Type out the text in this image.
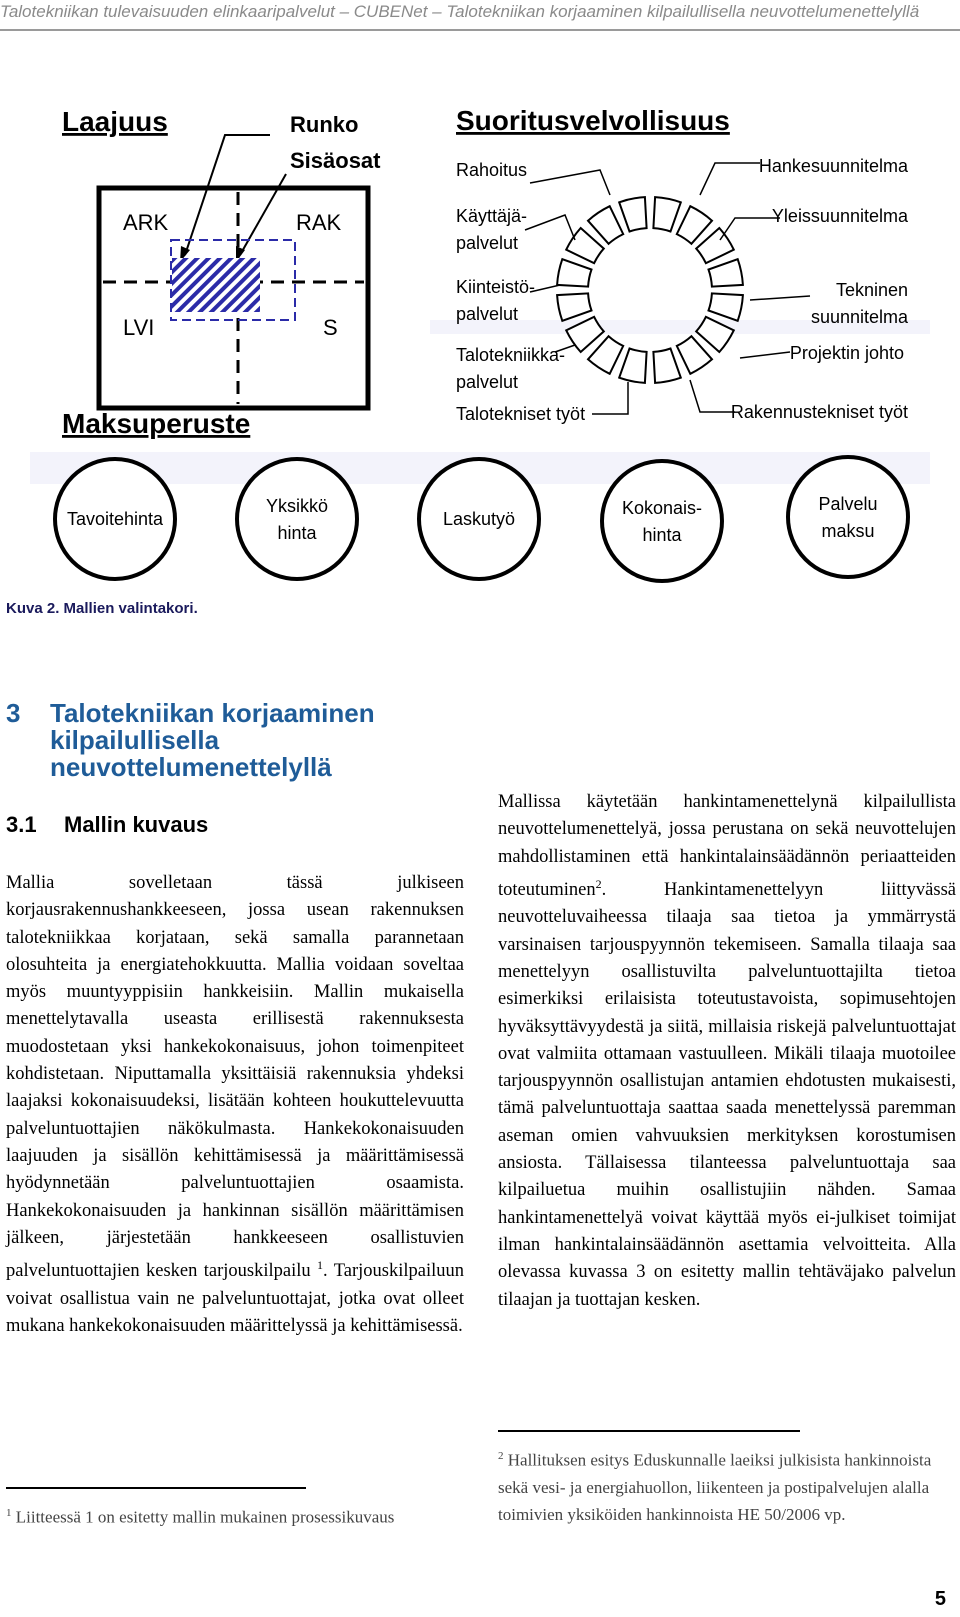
Talotekniikan tulevaisuuden elinkaaripalvelut – CUBENet – Talotekniikan korjaaminen kilpailullisella neuvottelumenettelyllä
Laajuus	Runko
Sisäosat
ARK	RAK
LVI	S
Maksuperuste
Suoritusvelvollisuus
Rahoitus
Käyttäjä-palvelut
Kiinteistö-palvelut
Talotekniikka-palvelut
Talotekniset työt
Hankesuunnitelma
Yleissuunnitelma
Tekninen suunnitelma
Projektin johto
Rakennustekniset työt
Tavoitehinta
Yksikkö hinta
Laskutyö
Kokonais-hinta
Palvelu maksu
Kuva 2. Mallien valintakori.
3 Talotekniikan korjaaminen kilpailullisella neuvottelumenettelyllä
3.1 Mallin kuvaus
Mallia sovelletaan tässä julkiseen korjausrakennushankkeeseen, jossa usean rakennuksen talotekniikkaa korjataan, sekä samalla parannetaan olosuhteita ja energiatehokkuutta. Mallia voidaan soveltaa myös muuntyyppisiin hankkeisiin. Mallin mukaisella menettelytavalla useasta erillisestä rakennuksesta muodostetaan yksi hankekokonaisuus, johon toimenpiteet kohdistetaan. Niputtamalla yksittäisiä rakennuksia yhdeksi laajaksi kokonaisuudeksi, lisätään kohteen houkuttelevuutta palveluntuottajien näkökulmasta. Hankekokonaisuuden laajuuden ja sisällön kehittämisessä ja määrittämisessä hyödynnetään palveluntuottajien osaamista. Hankekokonaisuuden ja hankinnan sisällön määrittämisen jälkeen, järjestetään hankkeeseen osallistuvien palveluntuottajien kesken tarjouskilpailu $^1$. Tarjouskilpailuun voivat osallistua vain ne palveluntuottajat, jotka ovat olleet mukana hankekokonaisuuden määrittelyssä ja kehittämisessä.
Mallissa käytetään hankintamenettelynä kilpailullista neuvottelumenettelyä, jossa perustana on sekä neuvottelujen mahdollistaminen että hankintalainsäädännön periaatteiden toteutuminen$^2$. Hankintamenettelyyn liittyvässä neuvotteluvaiheessa tilaaja saa tietoa ja ymmärrystä varsinaisen tarjouspyynnön tekemiseen. Samalla tilaaja saa menettelyyn osallistuvilta palveluntuottajilta tietoa esimerkiksi erilaisista toteutustavoista, sopimusehtojen hyväksyttävyydestä ja siitä, millaisia riskejä palveluntuottajat ovat valmiita ottamaan vastuulleen. Mikäli tilaaja muotoilee tarjouspyynnön osallistujan antamien ehdotusten mukaisesti, tämä palveluntuottaja saattaa saada menettelyssä paremman aseman omien vahvuuksien merkityksen korostumisen ansiosta. Tällaisessa tilanteessa palveluntuottaja saa kilpailuetua muihin osallistujiin nähden. Samaa hankintamenettelyä voivat käyttää myös ei-julkiset toimijat ilman hankintalainsäädännön asettamia velvoitteita. Alla olevassa kuvassa 3 on esitetty mallin tehtäväjako palvelun tilaajan ja tuottajan kesken.
$^2$ Hallituksen esitys Eduskunnalle laeiksi julkisista hankinnoista sekä vesi- ja energiahuollon, liikenteen ja postipalvelujen alalla toimivien yksiköiden hankinnoista HE 50/2006 vp.
$^1$ Liitteessä 1 on esitetty mallin mukainen prosessikuvaus
5
